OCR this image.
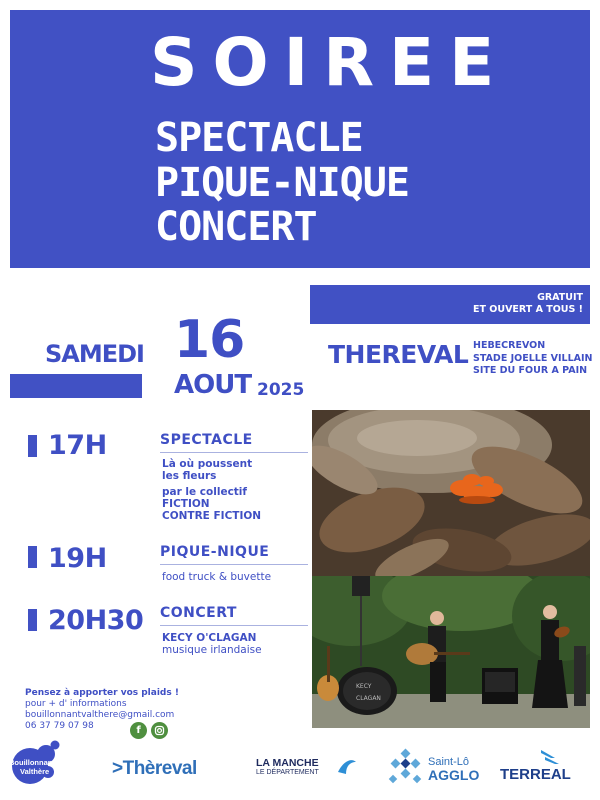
SOIREE
SPECTACLE
PIQUE-NIQUE
CONCERT
GRATUIT
ET OUVERT A TOUS !
SAMEDI 16
AOUT 2025
THEREVAL HEBECREVON
STADE JOELLE VILLAIN
SITE DU FOUR A PAIN
17H	SPECTACLE
Là où poussent
les fleurs
par le collectif
FICTION
CONTRE FICTION
19H	PIQUE-NIQUE
food truck & buvette
20H30 CONCERT
KECY O'CLAGAN
musique irlandaise
Pensez à apporter vos plaids !
pour + d' informations
bouillonnantvalthere@gmail.com
06 37 79 07 98	f
KECY
CLAGAN
Bouillonnant
Valthère	>Thèreval	LA MANCHE
LE DÉPARTEMENT
Saint-Lô
AGGLO TERREAL
